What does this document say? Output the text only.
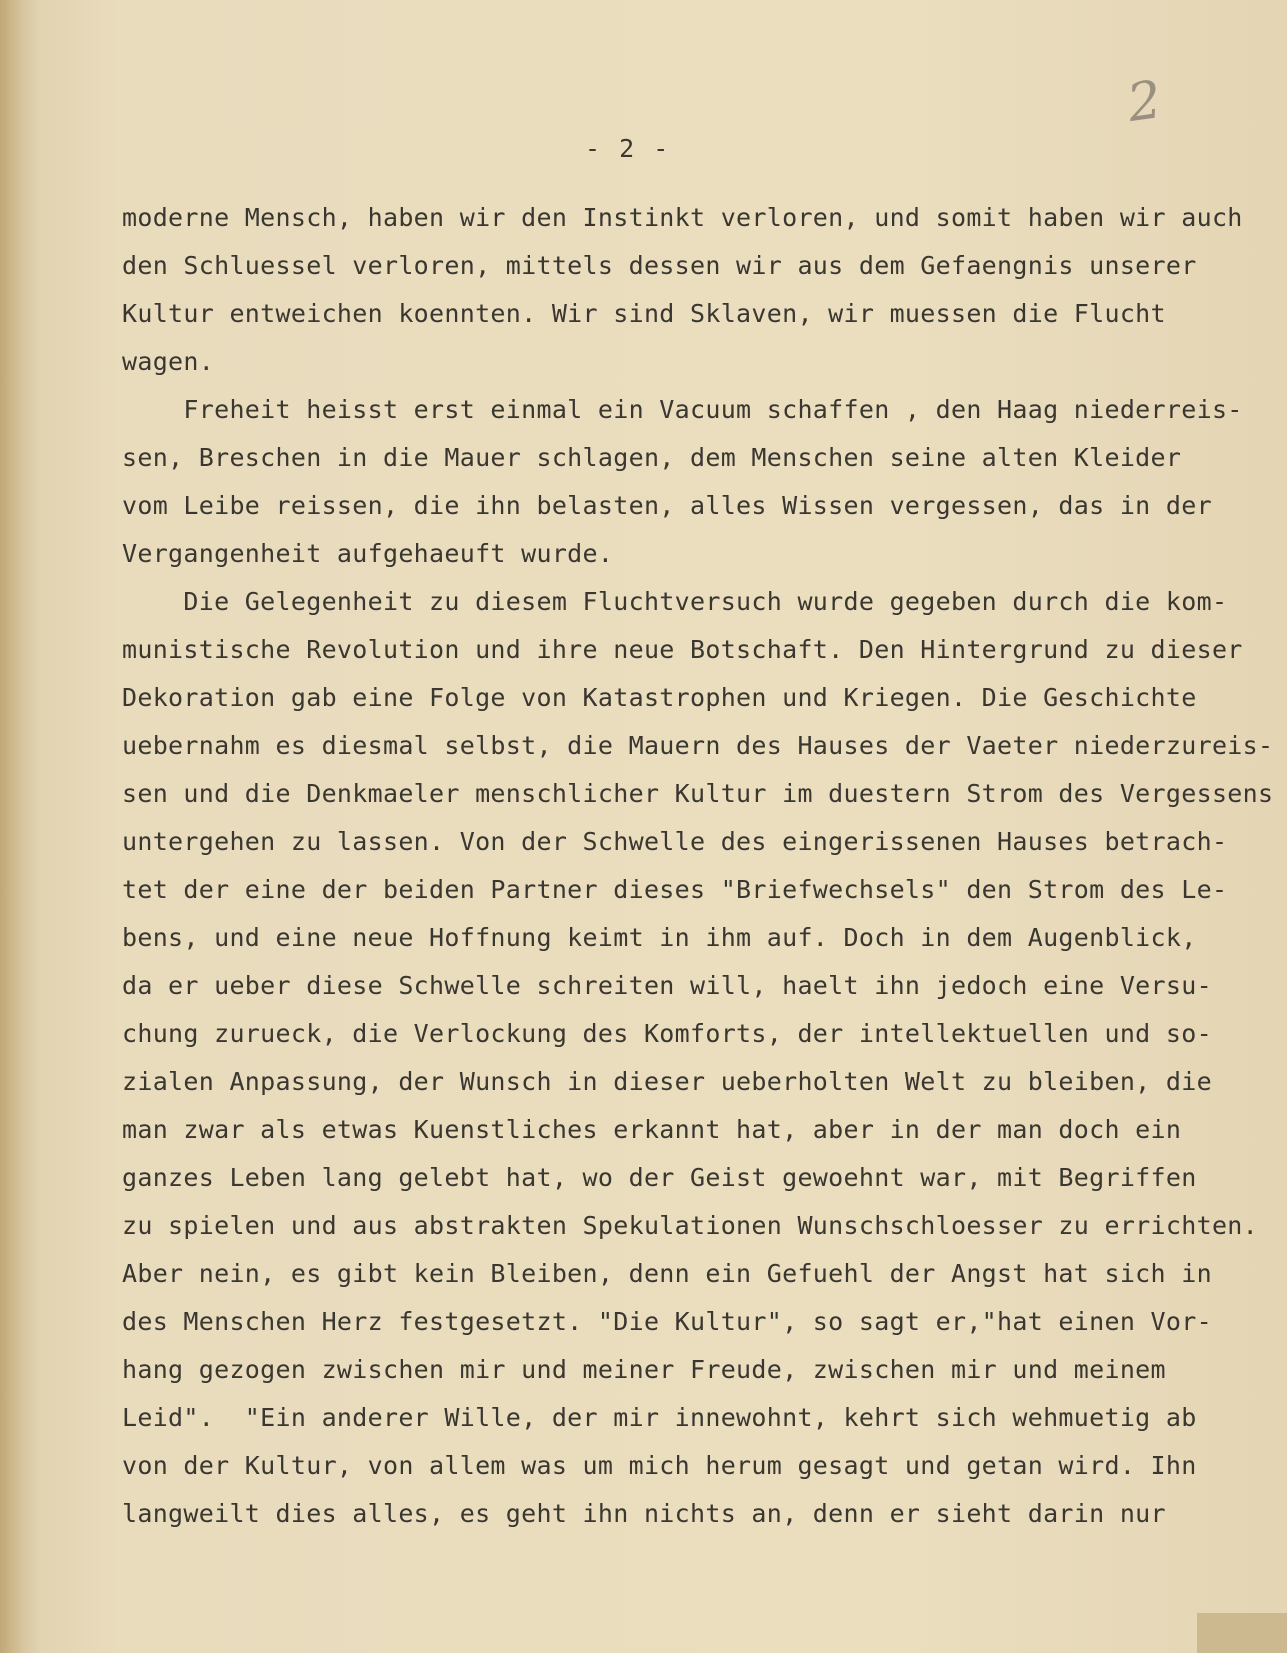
2
- 2 -

moderne Mensch, haben wir den Instinkt verloren, und somit haben wir auch

den Schluessel verloren, mittels dessen wir aus dem Gefaengnis unserer

Kultur entweichen koennten. Wir sind Sklaven, wir muessen die Flucht

wagen.

Freheit heisst erst einmal ein Vacuum schaffen , den Haag niederreis-

sen, Breschen in die Mauer schlagen, dem Menschen seine alten Kleider

vom Leibe reissen, die ihn belasten, alles Wissen vergessen, das in der

Vergangenheit aufgehaeuft wurde.

Die Gelegenheit zu diesem Fluchtversuch wurde gegeben durch die kom-

munistische Revolution und ihre neue Botschaft. Den Hintergrund zu dieser

Dekoration gab eine Folge von Katastrophen und Kriegen. Die Geschichte

uebernahm es diesmal selbst, die Mauern des Hauses der Vaeter niederzureis-

sen und die Denkmaeler menschlicher Kultur im duestern Strom des Vergessens

untergehen zu lassen. Von der Schwelle des eingerissenen Hauses betrach-

tet der eine der beiden Partner dieses "Briefwechsels" den Strom des Le-

bens, und eine neue Hoffnung keimt in ihm auf. Doch in dem Augenblick,

da er ueber diese Schwelle schreiten will, haelt ihn jedoch eine Versu-

chung zurueck, die Verlockung des Komforts, der intellektuellen und so-

zialen Anpassung, der Wunsch in dieser ueberholten Welt zu bleiben, die

man zwar als etwas Kuenstliches erkannt hat, aber in der man doch ein

ganzes Leben lang gelebt hat, wo der Geist gewoehnt war, mit Begriffen

zu spielen und aus abstrakten Spekulationen Wunschschloesser zu errichten.

Aber nein, es gibt kein Bleiben, denn ein Gefuehl der Angst hat sich in

des Menschen Herz festgesetzt. "Die Kultur", so sagt er,"hat einen Vor-

hang gezogen zwischen mir und meiner Freude, zwischen mir und meinem

Leid".  "Ein anderer Wille, der mir innewohnt, kehrt sich wehmuetig ab

von der Kultur, von allem was um mich herum gesagt und getan wird. Ihn

langweilt dies alles, es geht ihn nichts an, denn er sieht darin nur
